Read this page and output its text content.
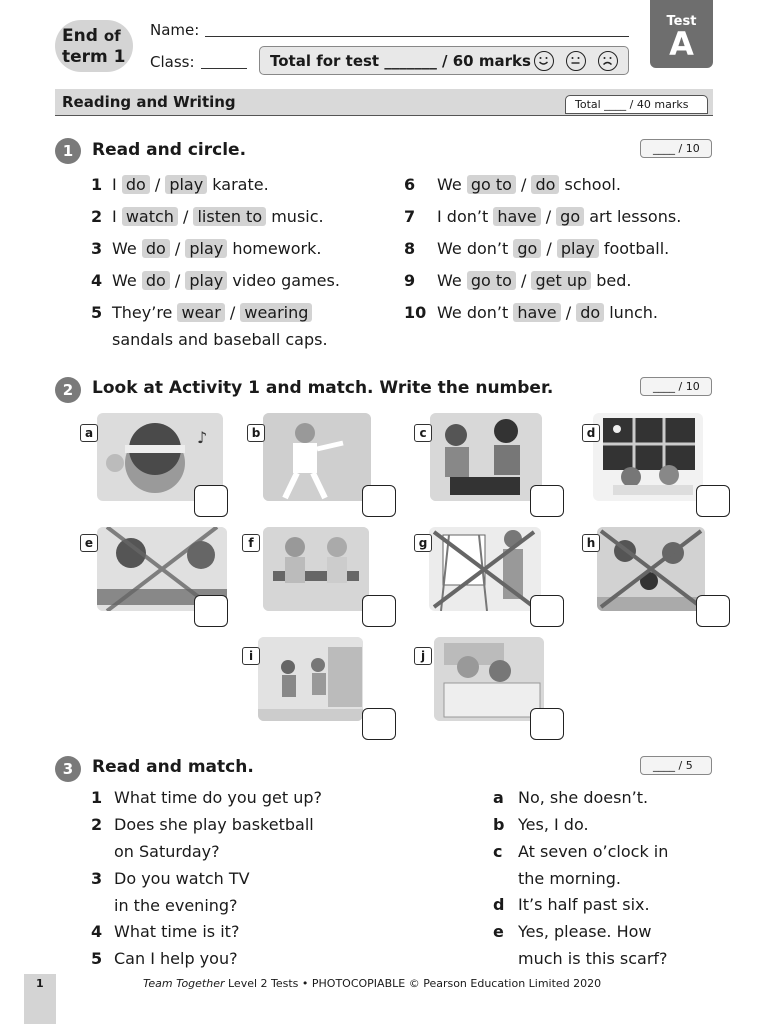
End of
term 1
Name:
Class:	Total for test _______ / 60 marks
Test
A
Reading and Writing	Total ____ / 40 marks
1	Read and circle.	____ / 10
1 I do / play karate.
2 I watch / listen to music.
3 We do / play homework.
4 We do / play video games.
5 They’re wear / wearing
sandals and baseball caps.
6 We go to / do school.
7 I don’t have / go art lessons.
8 We don’t go / play football.
9 We go to / get up bed.
10 We don’t have / do lunch.
2	Look at Activity 1 and match. Write the number.	____ / 10
♪
a	b	c	d
e	f	g	h
i	j
3	Read and match.	____ / 5
1 What time do you get up?
2 Does she play basketball
on Saturday?
3 Do you watch TV
in the evening?
4 What time is it?
5 Can I help you?
a No, she doesn’t.
b Yes, I do.
c At seven o’clock in
the morning.
d It’s half past six.
e Yes, please. How
much is this scarf?
1	Team Together Level 2 Tests • PHOTOCOPIABLE © Pearson Education Limited 2020
